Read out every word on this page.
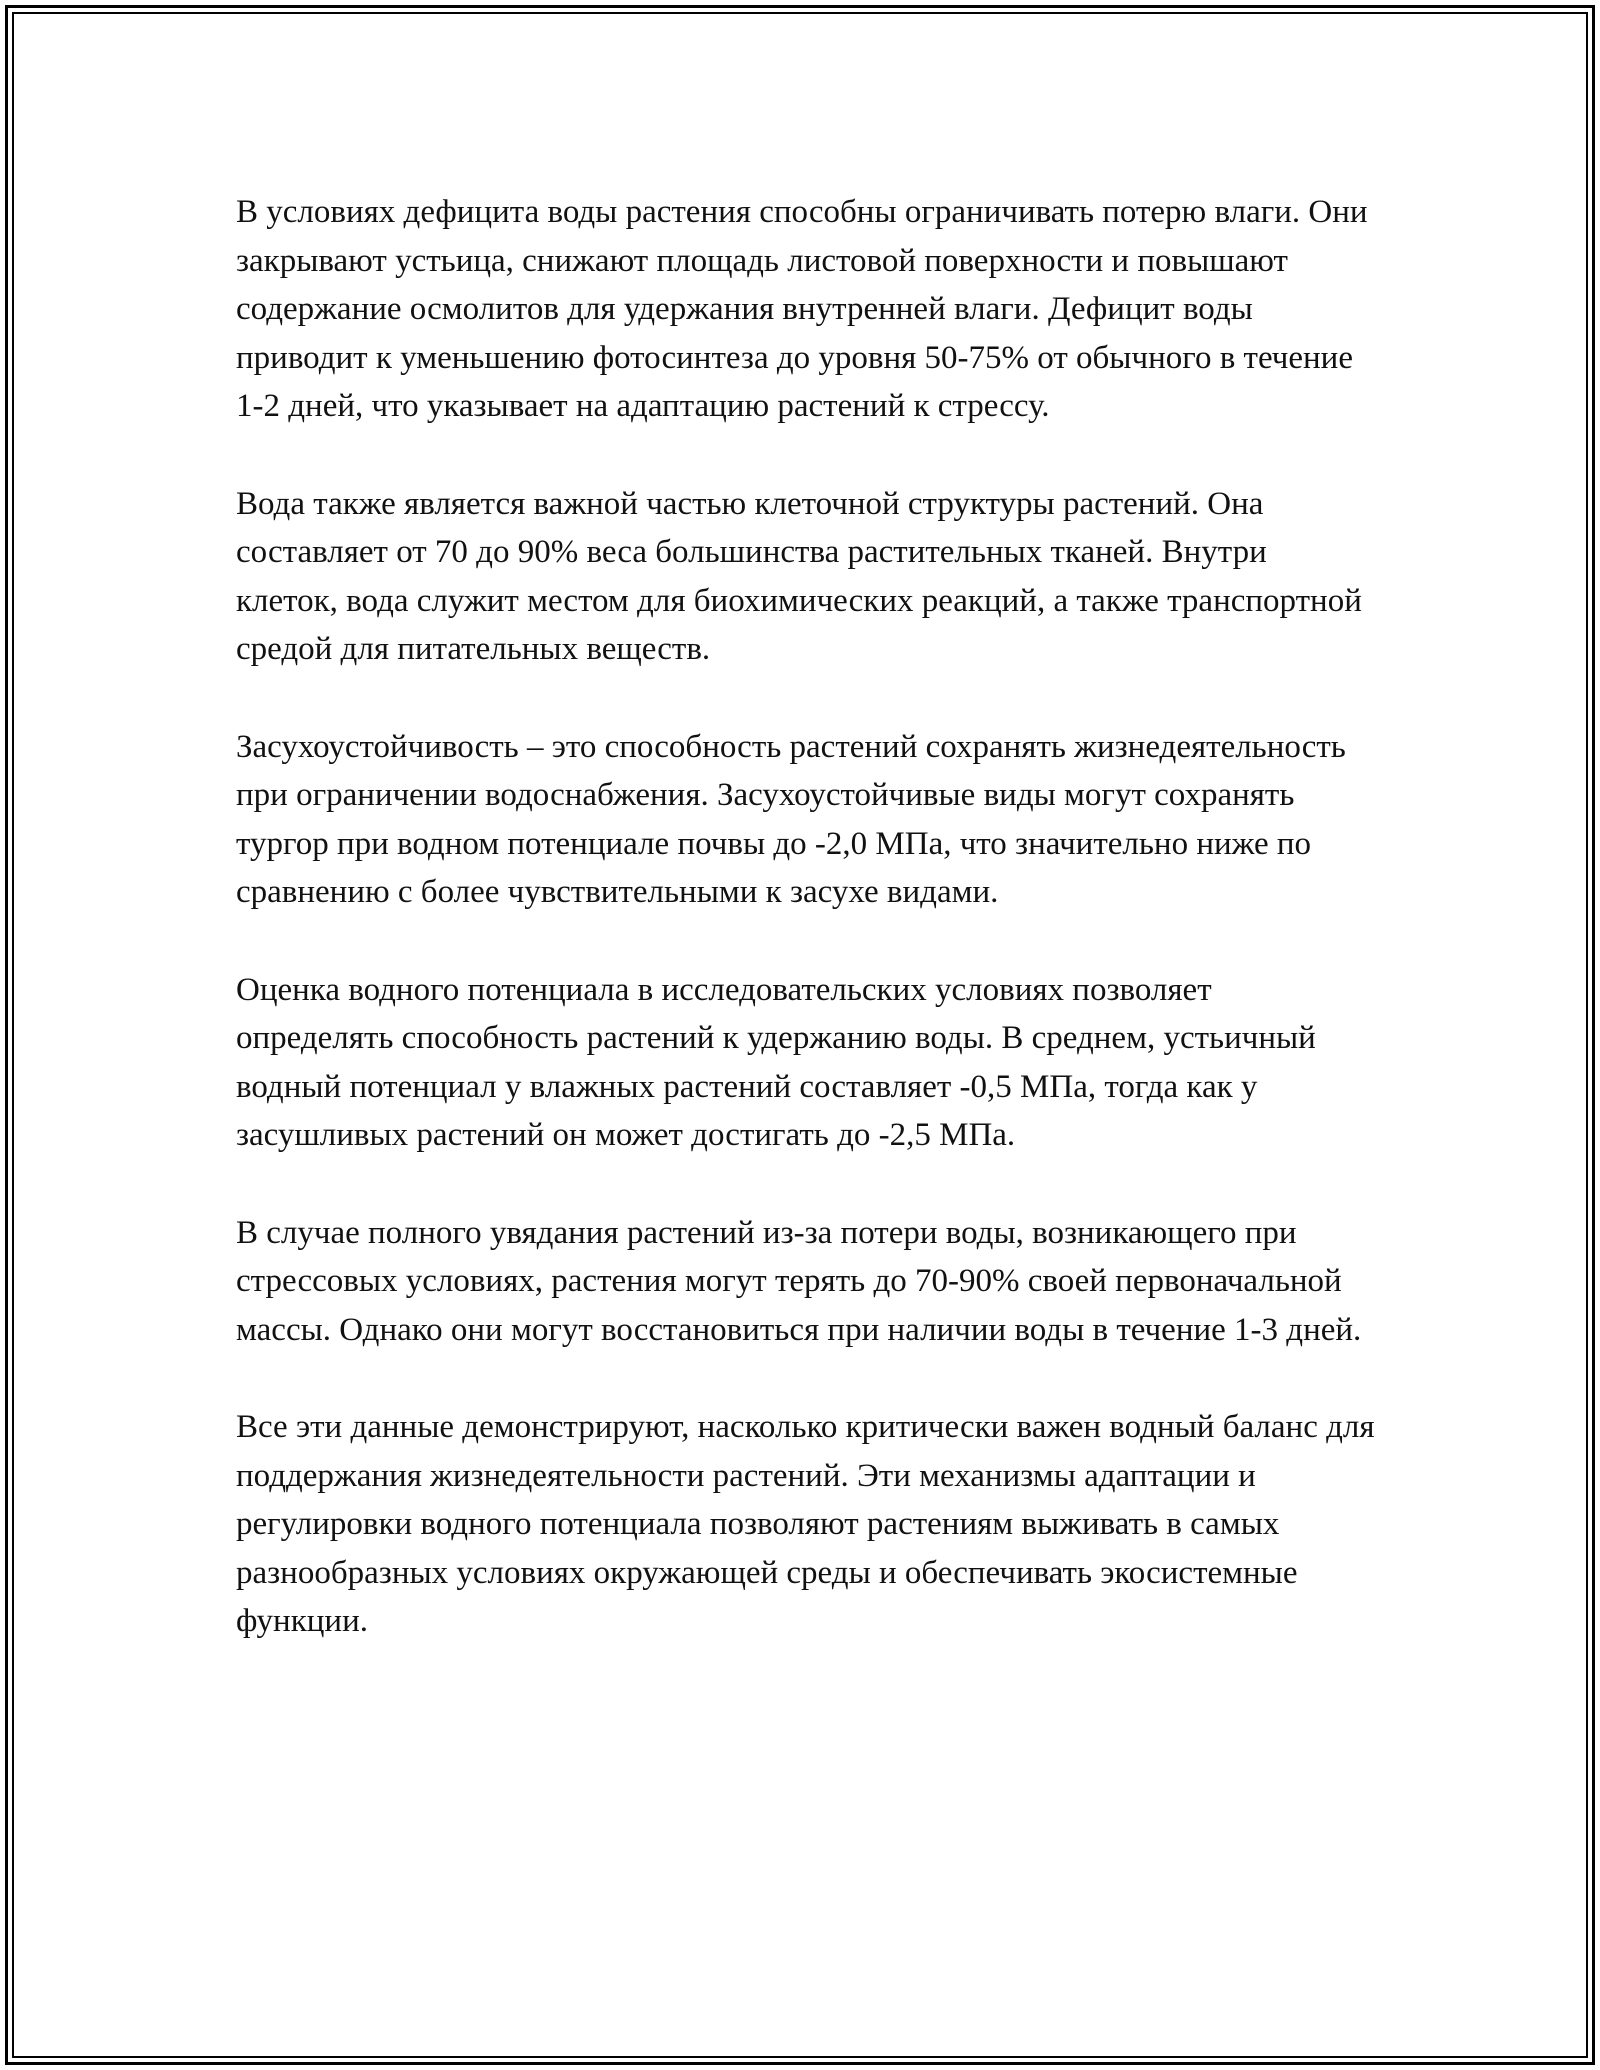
В условиях дефицита воды растения способны ограничивать потерю влаги. Они закрывают устьица, снижают площадь листовой поверхности и повышают содержание осмолитов для удержания внутренней влаги. Дефицит воды приводит к уменьшению фотосинтеза до уровня 50-75% от обычного в течение 1-2 дней, что указывает на адаптацию растений к стрессу.

Вода также является важной частью клеточной структуры растений. Она составляет от 70 до 90% веса большинства растительных тканей. Внутри клеток, вода служит местом для биохимических реакций, а также транспортной средой для питательных веществ.

Засухоустойчивость – это способность растений сохранять жизнедеятельность при ограничении водоснабжения. Засухоустойчивые виды могут сохранять тургор при водном потенциале почвы до -2,0 МПа, что значительно ниже по сравнению с более чувствительными к засухе видами.

Оценка водного потенциала в исследовательских условиях позволяет определять способность растений к удержанию воды. В среднем, устьичный водный потенциал у влажных растений составляет -0,5 МПа, тогда как у засушливых растений он может достигать до -2,5 МПа.

В случае полного увядания растений из-за потери воды, возникающего при стрессовых условиях, растения могут терять до 70-90% своей первоначальной массы. Однако они могут восстановиться при наличии воды в течение 1-3 дней.

Все эти данные демонстрируют, насколько критически важен водный баланс для поддержания жизнедеятельности растений. Эти механизмы адаптации и регулировки водного потенциала позволяют растениям выживать в самых разнообразных условиях окружающей среды и обеспечивать экосистемные функции.
